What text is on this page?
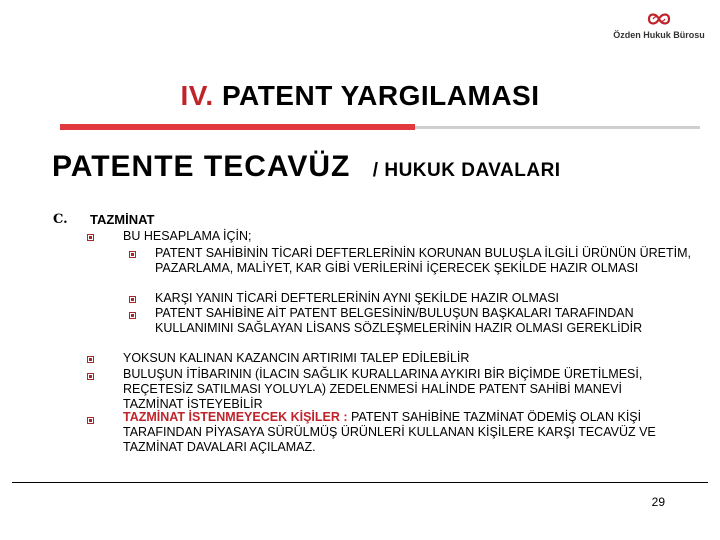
Özden Hukuk Bürosu
IV. PATENT YARGILAMASI
PATENTE TECAVÜZ / HUKUK DAVALARI
C. TAZMİNAT
BU HESAPLAMA İÇİN;
PATENT SAHİBİNİN TİCARİ DEFTERLERİNİN KORUNAN BULUŞLA İLGİLİ ÜRÜNÜN ÜRETİM, PAZARLAMA, MALİYET, KAR GİBİ VERİLERİNİ İÇERECEK ŞEKİLDE HAZIR OLMASI
KARŞI YANIN TİCARİ DEFTERLERİNİN AYNI ŞEKİLDE HAZIR OLMASI
PATENT SAHİBİNE AİT PATENT BELGESİNİN/BULUŞUN BAŞKALARI TARAFINDAN KULLANIMINI SAĞLAYAN LİSANS SÖZLEŞMELERİNİN HAZIR OLMASI GEREKLİDİR
YOKSUN KALINAN KAZANCIN ARTIRIMI TALEP EDİLEBİLİR
BULUŞUN İTİBARININ (İLACIN SAĞLIK KURALLARINA AYKIRI BİR BİÇİMDE ÜRETİLMESİ, REÇETESİZ SATILMASI YOLUYLA) ZEDELENMESİ HALİNDE PATENT SAHİBİ MANEVİ TAZMİNAT İSTEYEBİLİR
TAZMİNAT İSTENMEYECEK KİŞİLER : PATENT SAHİBİNE TAZMİNAT ÖDEMİŞ OLAN KİŞİ TARAFINDAN PİYASAYA SÜRÜLMÜŞ ÜRÜNLERİ KULLANAN KİŞİLERE KARŞI TECAVÜZ VE TAZMİNAT DAVALARI AÇILAMAZ.
29
